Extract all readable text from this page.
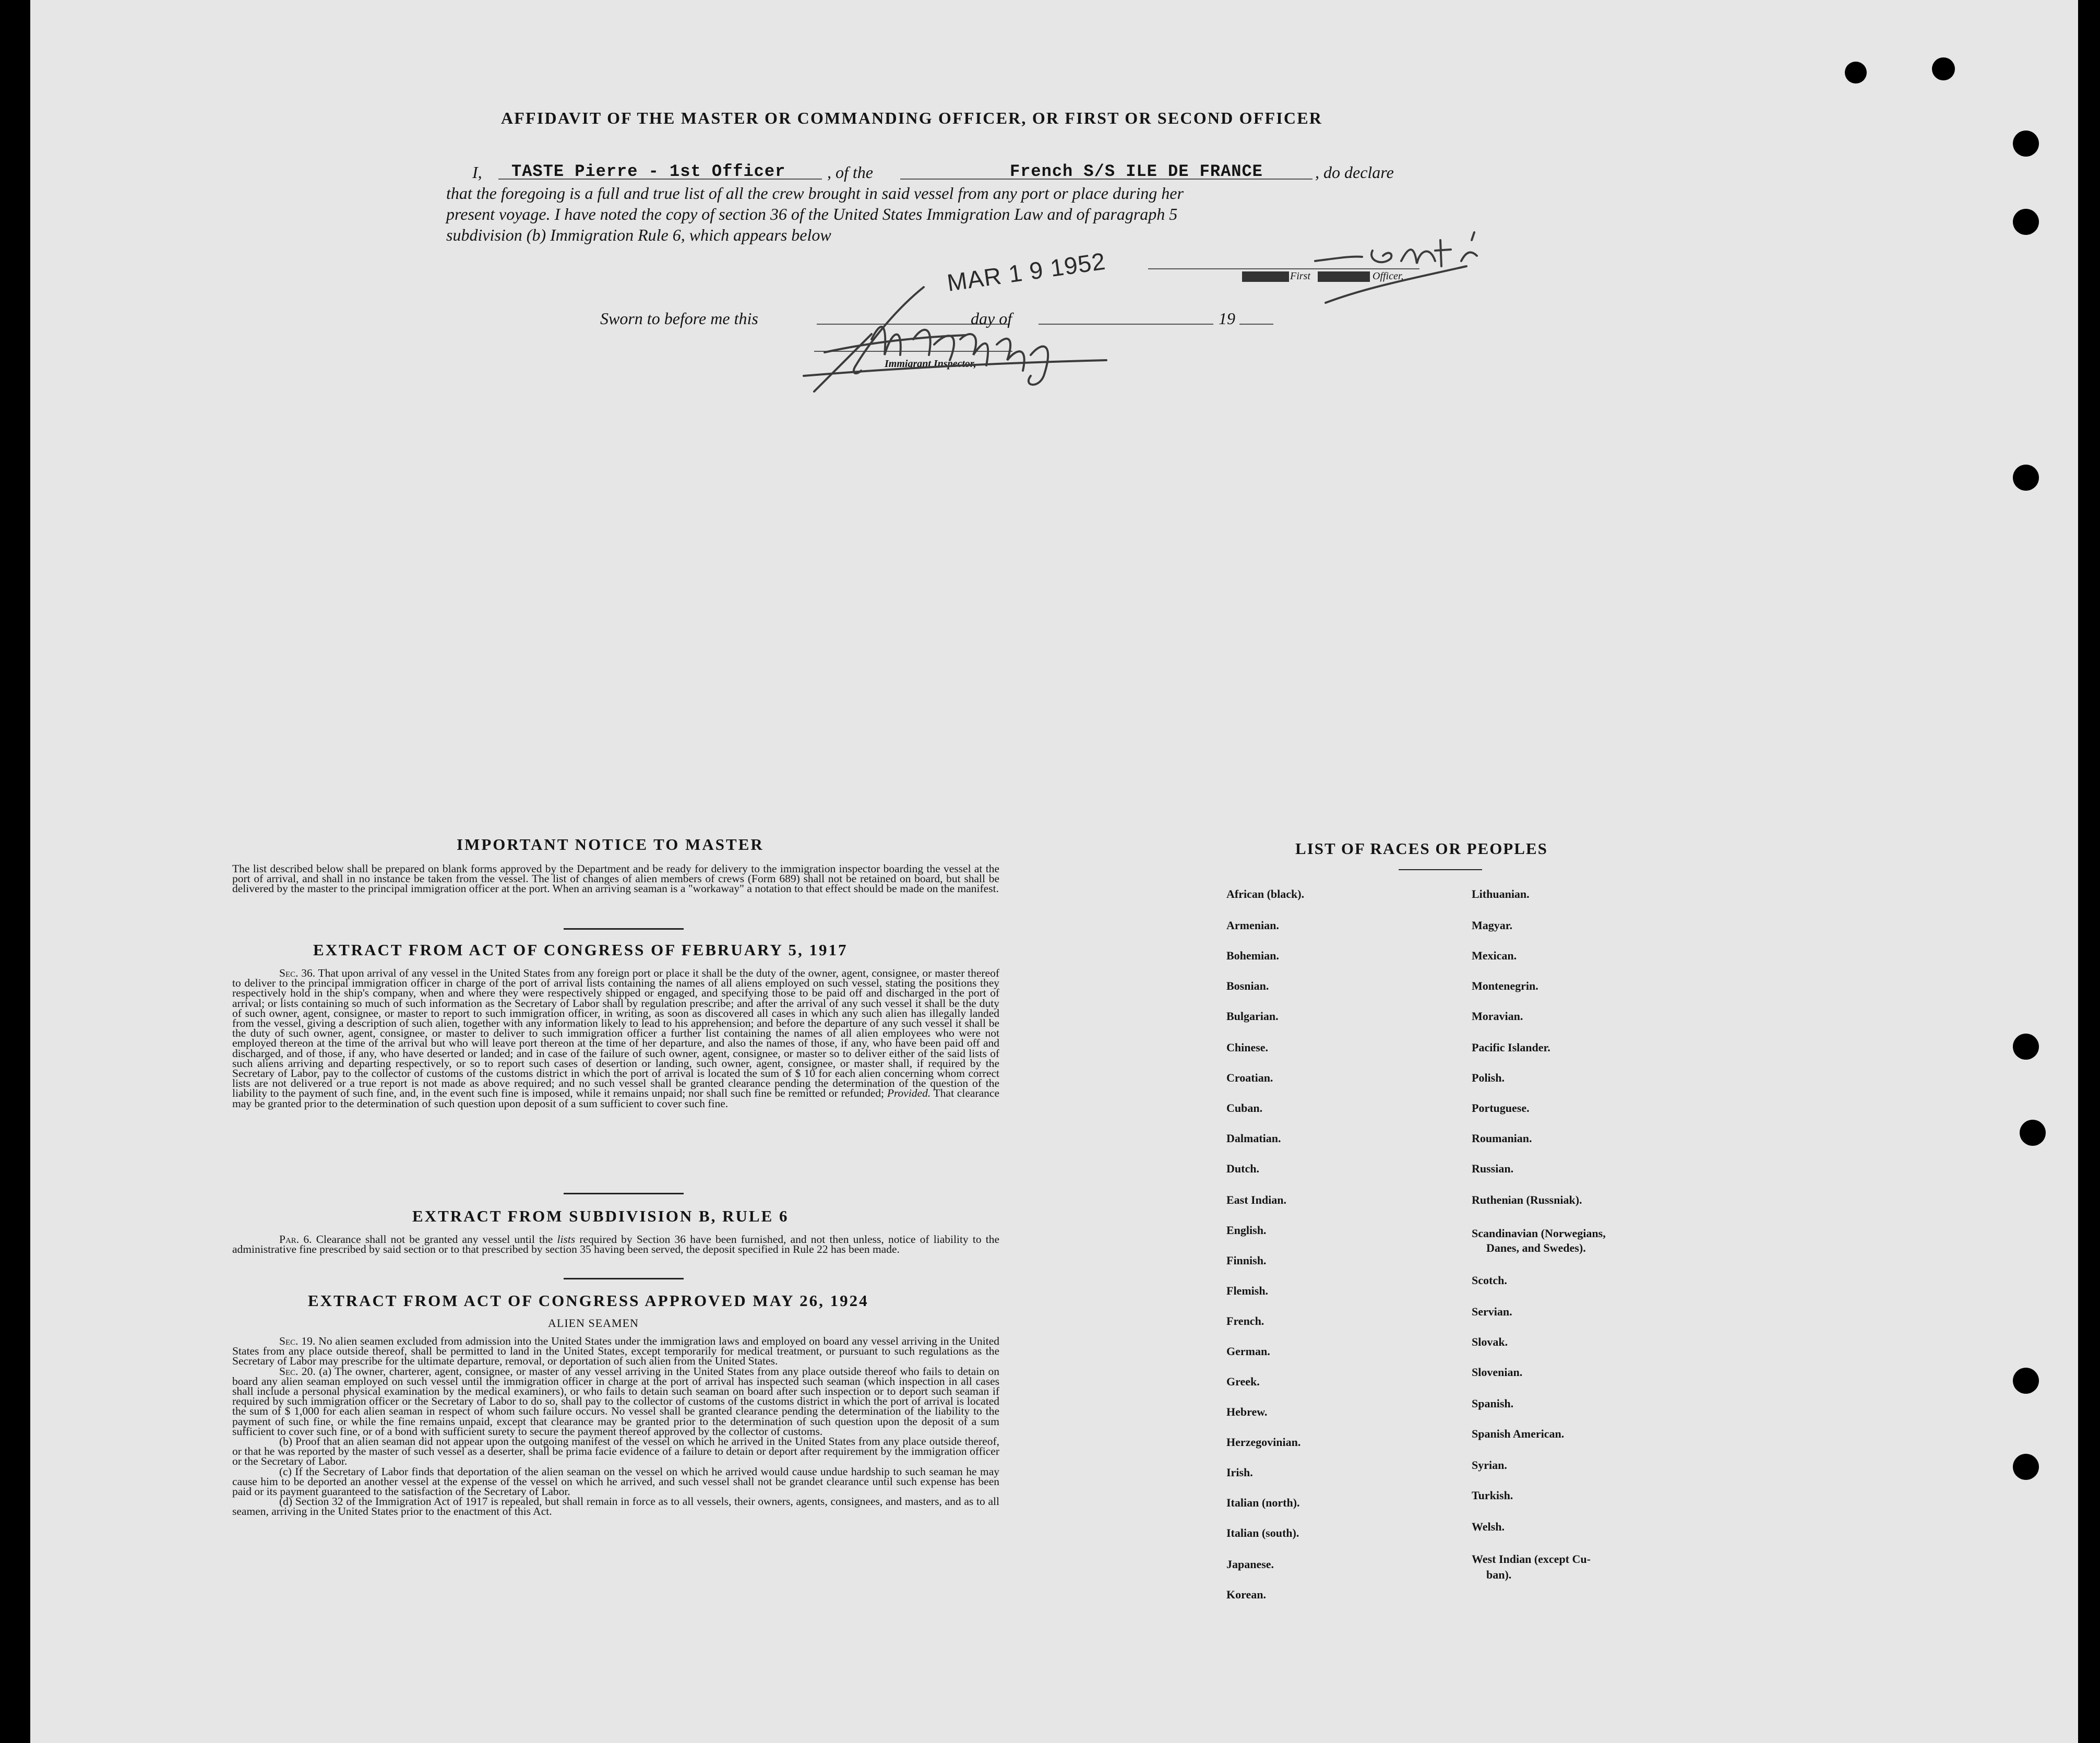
AFFIDAVIT OF THE MASTER OR COMMANDING OFFICER, OR FIRST OR SECOND OFFICER
I, TASTE Pierre - 1st Officer , of the	French S/S ILE DE FRANCE	, do declare
that the foregoing is a full and true list of all the crew brought in said vessel from any port or place during her
present voyage. I have noted the copy of section 36 of the United States Immigration Law and of paragraph 5
subdivision (b) Immigration Rule 6, which appears below
First	Officer,
Sworn to before me this	day of	19
MAR 1 9 1952
Immigrant Inspector,
IMPORTANT NOTICE TO MASTER
The list described below shall be prepared on blank forms approved by the Department and be ready for delivery to the immigration inspector boarding the vessel at the port of arrival, and shall in no instance be taken from the vessel. The list of changes of alien members of crews (Form 689) shall not be retained on board, but shall be delivered by the master to the principal immigration officer at the port. When an arriving seaman is a "workaway" a notation to that effect should be made on the manifest.
EXTRACT FROM ACT OF CONGRESS OF FEBRUARY 5, 1917
Sec. 36. That upon arrival of any vessel in the United States from any foreign port or place it shall be the duty of the owner, agent, consignee, or master thereof to deliver to the principal immigration officer in charge of the port of arrival lists containing the names of all aliens employed on such vessel, stating the positions they respectively hold in the ship's company, when and where they were respectively shipped or engaged, and specifying those to be paid off and discharged in the port of arrival; or lists containing so much of such information as the Secretary of Labor shall by regulation prescribe; and after the arrival of any such vessel it shall be the duty of such owner, agent, consignee, or master to report to such immigration officer, in writing, as soon as discovered all cases in which any such alien has illegally landed from the vessel, giving a description of such alien, together with any information likely to lead to his apprehension; and before the departure of any such vessel it shall be the duty of such owner, agent, consignee, or master to deliver to such immigration officer a further list containing the names of all alien employees who were not employed thereon at the time of the arrival but who will leave port thereon at the time of her departure, and also the names of those, if any, who have been paid off and discharged, and of those, if any, who have deserted or landed; and in case of the failure of such owner, agent, consignee, or master so to deliver either of the said lists of such aliens arriving and departing respectively, or so to report such cases of desertion or landing, such owner, agent, consignee, or master shall, if required by the Secretary of Labor, pay to the collector of customs of the customs district in which the port of arrival is located the sum of $ 10 for each alien concerning whom correct lists are not delivered or a true report is not made as above required; and no such vessel shall be granted clearance pending the determination of the question of the liability to the payment of such fine, and, in the event such fine is imposed, while it remains unpaid; nor shall such fine be remitted or refunded; Provided. That clearance may be granted prior to the determination of such question upon deposit of a sum sufficient to cover such fine.
EXTRACT FROM SUBDIVISION B, RULE 6
Par. 6. Clearance shall not be granted any vessel until the lists required by Section 36 have been furnished, and not then unless, notice of liability to the administrative fine prescribed by said section or to that prescribed by section 35 having been served, the deposit specified in Rule 22 has been made.
EXTRACT FROM ACT OF CONGRESS APPROVED MAY 26, 1924
ALIEN SEAMEN
Sec. 19. No alien seamen excluded from admission into the United States under the immigration laws and employed on board any vessel arriving in the United States from any place outside thereof, shall be permitted to land in the United States, except temporarily for medical treatment, or pursuant to such regulations as the Secretary of Labor may prescribe for the ultimate departure, removal, or deportation of such alien from the United States.
Sec. 20. (a) The owner, charterer, agent, consignee, or master of any vessel arriving in the United States from any place outside thereof who fails to detain on board any alien seaman employed on such vessel until the immigration officer in charge at the port of arrival has inspected such seaman (which inspection in all cases shall include a personal physical examination by the medical examiners), or who fails to detain such seaman on board after such inspection or to deport such seaman if required by such immigration officer or the Secretary of Labor to do so, shall pay to the collector of customs of the customs district in which the port of arrival is located the sum of $ 1,000 for each alien seaman in respect of whom such failure occurs. No vessel shall be granted clearance pending the determination of the liability to the payment of such fine, or while the fine remains unpaid, except that clearance may be granted prior to the determination of such question upon the deposit of a sum sufficient to cover such fine, or of a bond with sufficient surety to secure the payment thereof approved by the collector of customs.
(b) Proof that an alien seaman did not appear upon the outgoing manifest of the vessel on which he arrived in the United States from any place outside thereof, or that he was reported by the master of such vessel as a deserter, shall be prima facie evidence of a failure to detain or deport after requirement by the immigration officer or the Secretary of Labor.
(c) If the Secretary of Labor finds that deportation of the alien seaman on the vessel on which he arrived would cause undue hardship to such seaman he may cause him to be deported an another vessel at the expense of the vessel on which he arrived, and such vessel shall not be grandet clearance until such expense has been paid or its payment guaranteed to the satisfaction of the Secretary of Labor.
(d) Section 32 of the Immigration Act of 1917 is repealed, but shall remain in force as to all vessels, their owners, agents, consignees, and masters, and as to all seamen, arriving in the United States prior to the enactment of this Act.
LIST OF RACES OR PEOPLES
African (black).
Armenian.
Bohemian.
Bosnian.
Bulgarian.
Chinese.
Croatian.
Cuban.
Dalmatian.
Dutch.
East Indian.
English.
Finnish.
Flemish.
French.
German.
Greek.
Hebrew.
Herzegovinian.
Irish.
Italian (north).
Italian (south).
Japanese.
Korean.
Lithuanian.
Magyar.
Mexican.
Montenegrin.
Moravian.
Pacific Islander.
Polish.
Portuguese.
Roumanian.
Russian.
Ruthenian (Russniak).
Scandinavian (Norwegians,
Danes, and Swedes).
Scotch.
Servian.
Slovak.
Slovenian.
Spanish.
Spanish American.
Syrian.
Turkish.
Welsh.
West Indian (except Cu-
ban).
